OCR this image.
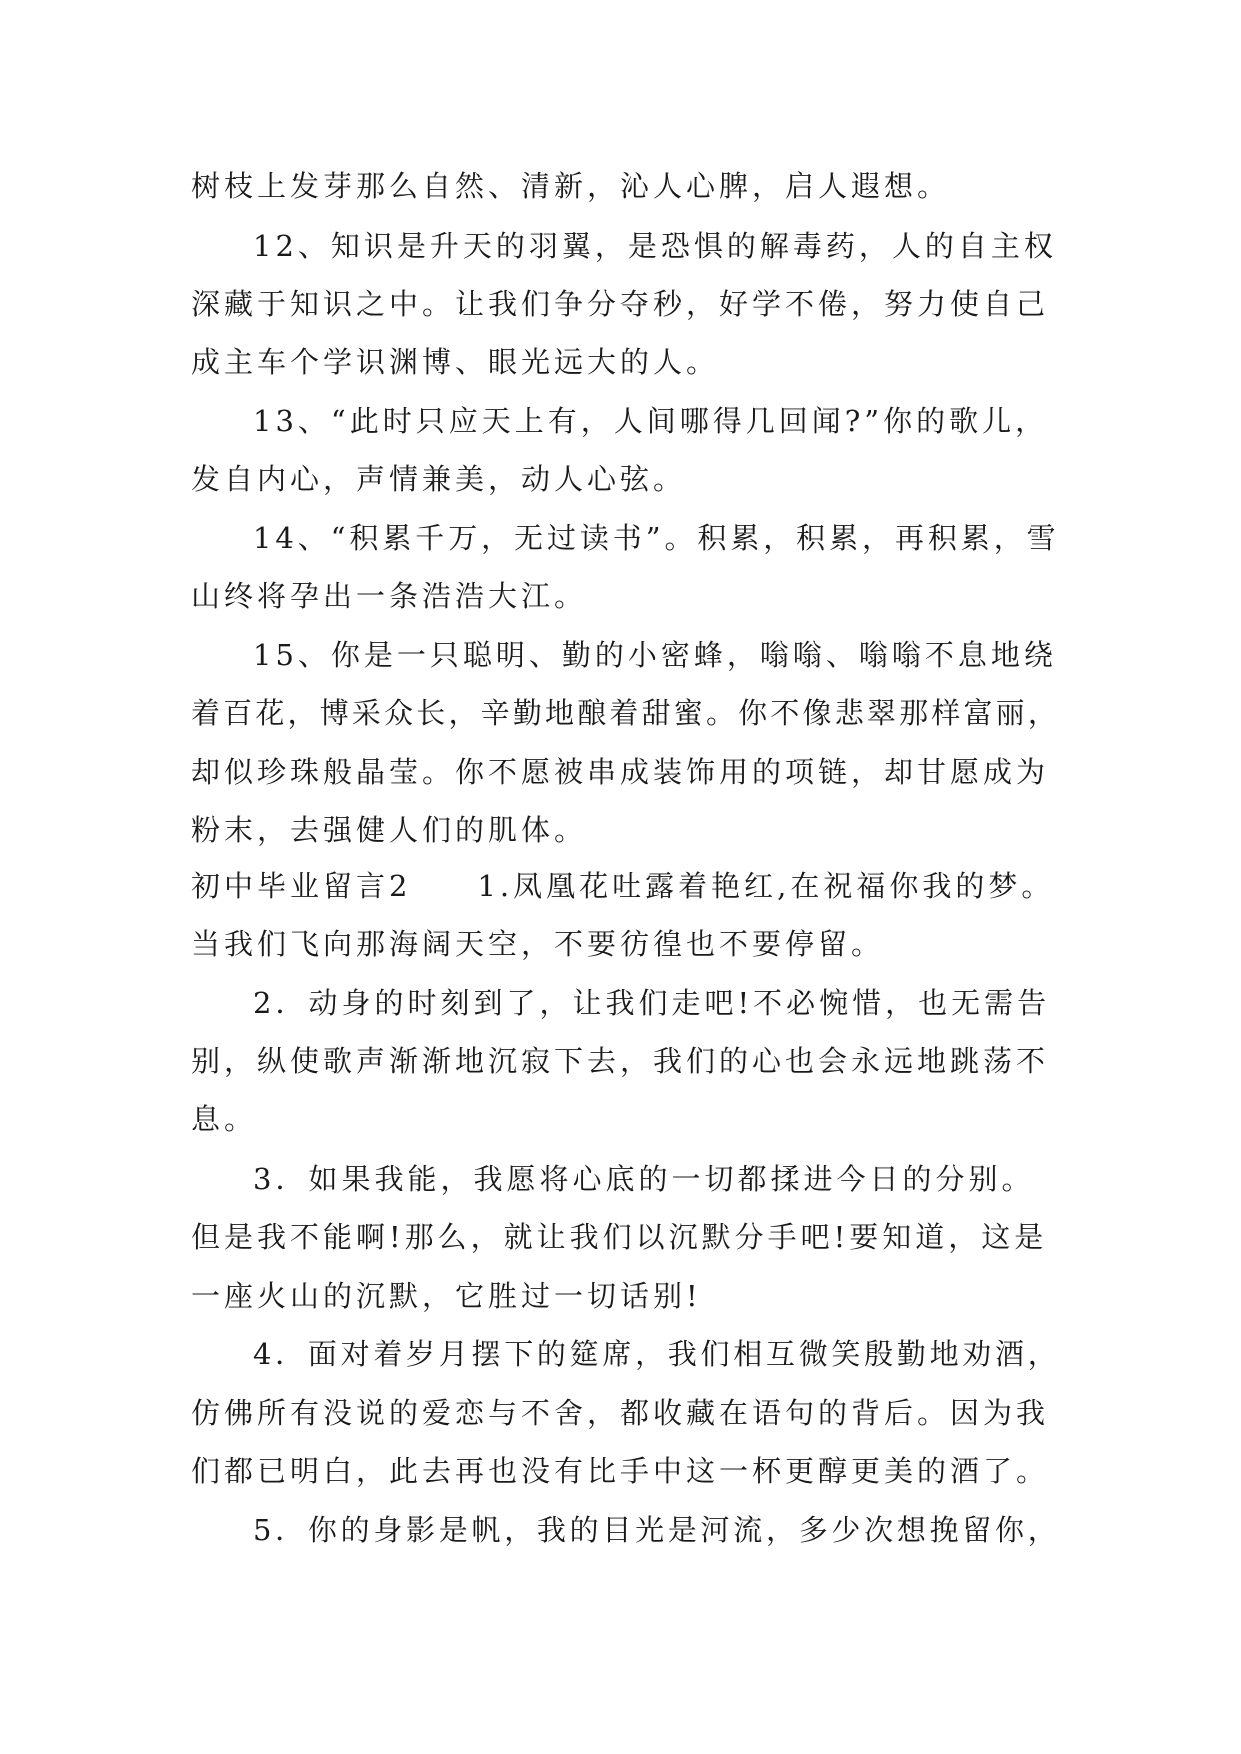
树枝上发芽那么自然、清新，沁人心脾，启人遐想。
12、知识是升天的羽翼，是恐惧的解毒药，人的自主权
深藏于知识之中。让我们争分夺秒，好学不倦，努力使自己
成主车个学识渊博、眼光远大的人。
13、“此时只应天上有，人间哪得几回闻?”你的歌儿，
发自内心，声情兼美，动人心弦。
14、“积累千万，无过读书”。积累，积累，再积累，雪
山终将孕出一条浩浩大江。
15、你是一只聪明、勤的小密蜂，嗡嗡、嗡嗡不息地绕
着百花，博采众长，辛勤地酿着甜蜜。你不像悲翠那样富丽，
却似珍珠般晶莹。你不愿被串成装饰用的项链，却甘愿成为
粉末，去强健人们的肌体。
初中毕业留言2　　1.凤凰花吐露着艳红,在祝福你我的梦。
当我们飞向那海阔天空，不要彷徨也不要停留。
2．动身的时刻到了，让我们走吧!不必惋惜，也无需告
别，纵使歌声渐渐地沉寂下去，我们的心也会永远地跳荡不
息。
3．如果我能，我愿将心底的一切都揉进今日的分别。
但是我不能啊!那么，就让我们以沉默分手吧!要知道，这是
一座火山的沉默，它胜过一切话别!
4．面对着岁月摆下的筵席，我们相互微笑殷勤地劝酒，
仿佛所有没说的爱恋与不舍，都收藏在语句的背后。因为我
们都已明白，此去再也没有比手中这一杯更醇更美的酒了。
5．你的身影是帆，我的目光是河流，多少次想挽留你，
